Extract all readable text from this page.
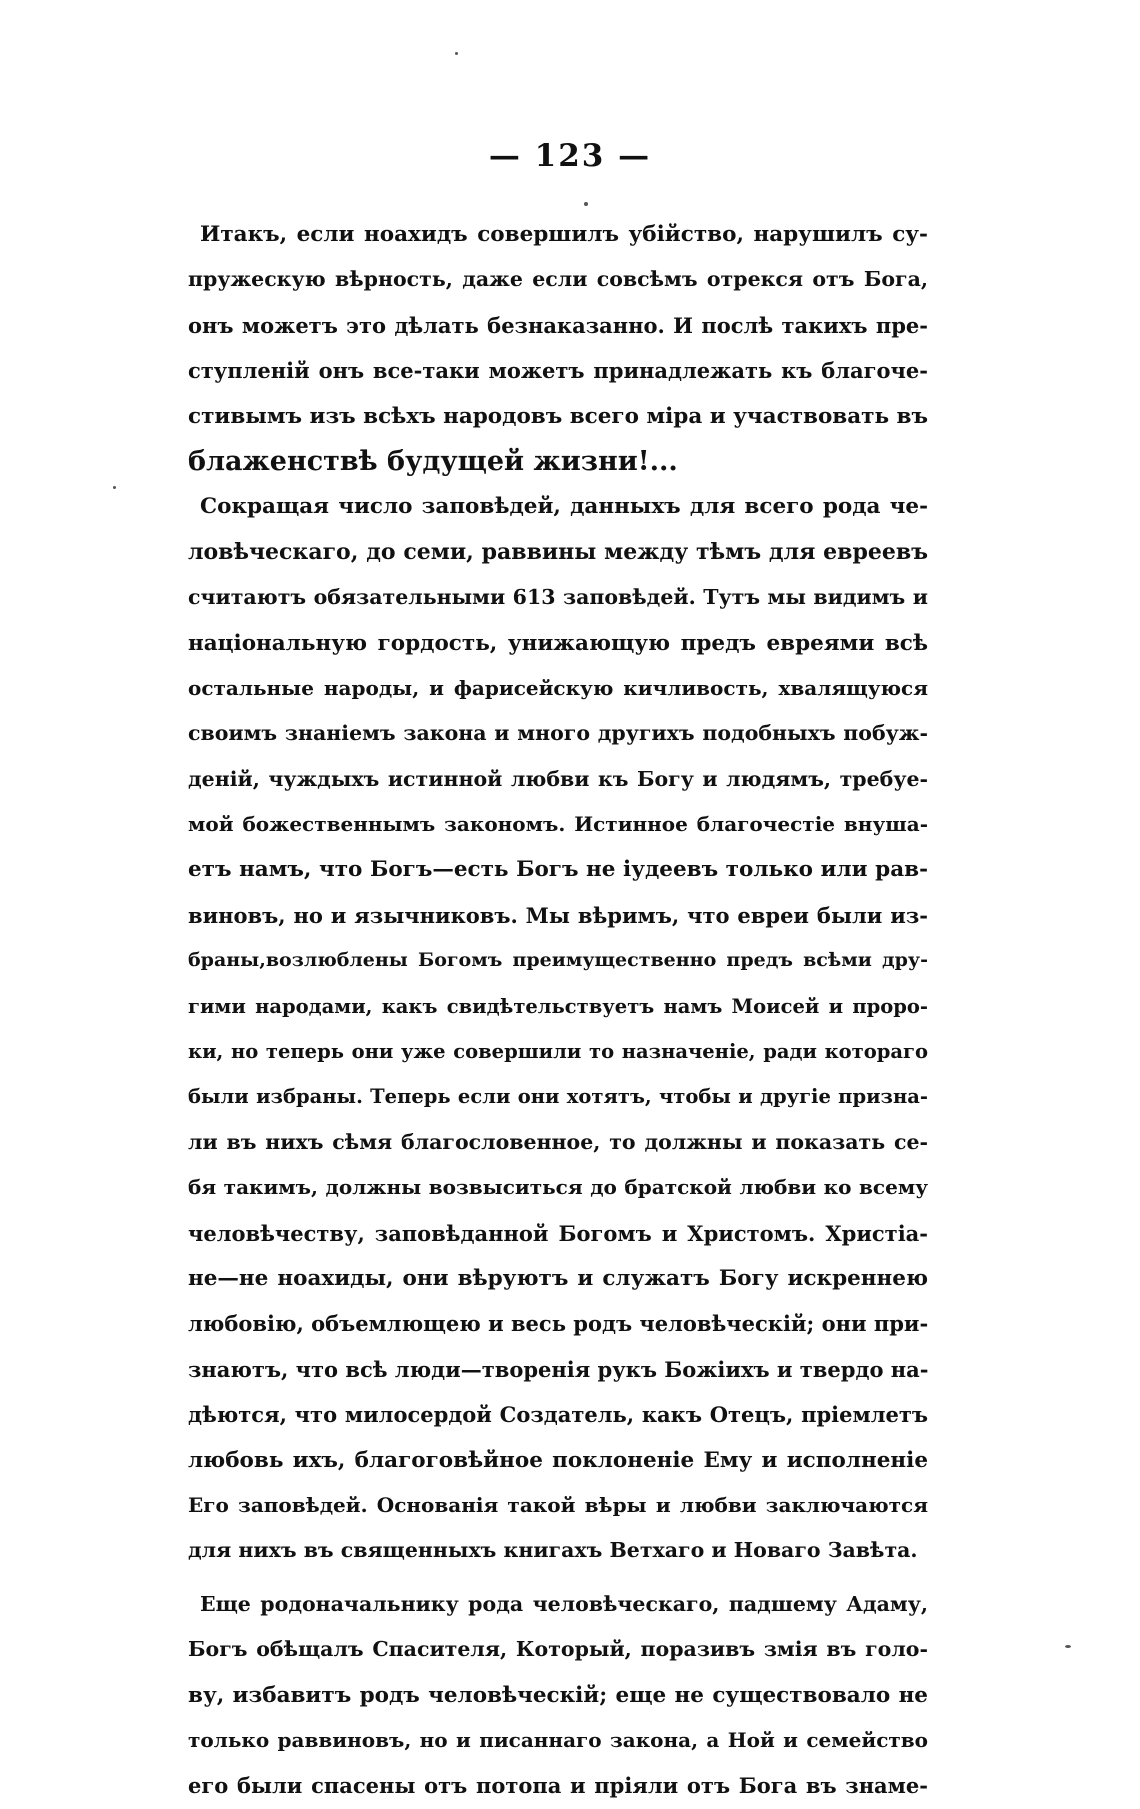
— 123 —
Итакъ, если ноахидъ совершилъ убійство, нарушилъ су-
пружескую вѣрность, даже если совсѣмъ отрекся отъ Бога,
онъ можетъ это дѣлать безнаказанно. И послѣ такихъ пре-
ступленій онъ все-таки можетъ принадлежать къ благоче-
стивымъ изъ всѣхъ народовъ всего міра и участвовать въ
блаженствѣ будущей жизни!...
Сокращая число заповѣдей, данныхъ для всего рода че-
ловѣческаго, до семи, раввины между тѣмъ для евреевъ
считаютъ обязательными 613 заповѣдей. Тутъ мы видимъ и
національную гордость, унижающую предъ евреями всѣ
остальные народы, и фарисейскую кичливость, хвалящуюся
своимъ знаніемъ закона и много другихъ подобныхъ побуж-
деній, чуждыхъ истинной любви къ Богу и людямъ, требуе-
мой божественнымъ закономъ. Истинное благочестіе внуша-
етъ намъ, что Богъ—есть Богъ не іудеевъ только или рав-
виновъ, но и язычниковъ. Мы вѣримъ, что евреи были из-
браны,возлюблены Богомъ преимущественно предъ всѣми дру-
гими народами, какъ свидѣтельствуетъ намъ Моисей и проро-
ки, но теперь они уже совершили то назначеніе, ради котораго
были избраны. Теперь если они хотятъ, чтобы и другіе призна-
ли въ нихъ сѣмя благословенное, то должны и показать се-
бя такимъ, должны возвыситься до братской любви ко всему
человѣчеству, заповѣданной Богомъ и Христомъ. Христіа-
не—не ноахиды, они вѣруютъ и служатъ Богу искреннею
любовію, объемлющею и весь родъ человѣческій; они при-
знаютъ, что всѣ люди—творенія рукъ Божіихъ и твердо на-
дѣются, что милосердой Создатель, какъ Отецъ, пріемлетъ
любовь ихъ, благоговѣйное поклоненіе Ему и исполненіе
Его заповѣдей. Основанія такой вѣры и любви заключаются
для нихъ въ священныхъ книгахъ Ветхаго и Новаго Завѣта.
Еще родоначальнику рода человѣческаго, падшему Адаму,
Богъ обѣщалъ Спасителя, Который, поразивъ змія въ голо-
ву, избавитъ родъ человѣческій; еще не существовало не
только раввиновъ, но и писаннаго закона, а Ной и семейство
его были спасены отъ потопа и пріяли отъ Бога въ знаме-
